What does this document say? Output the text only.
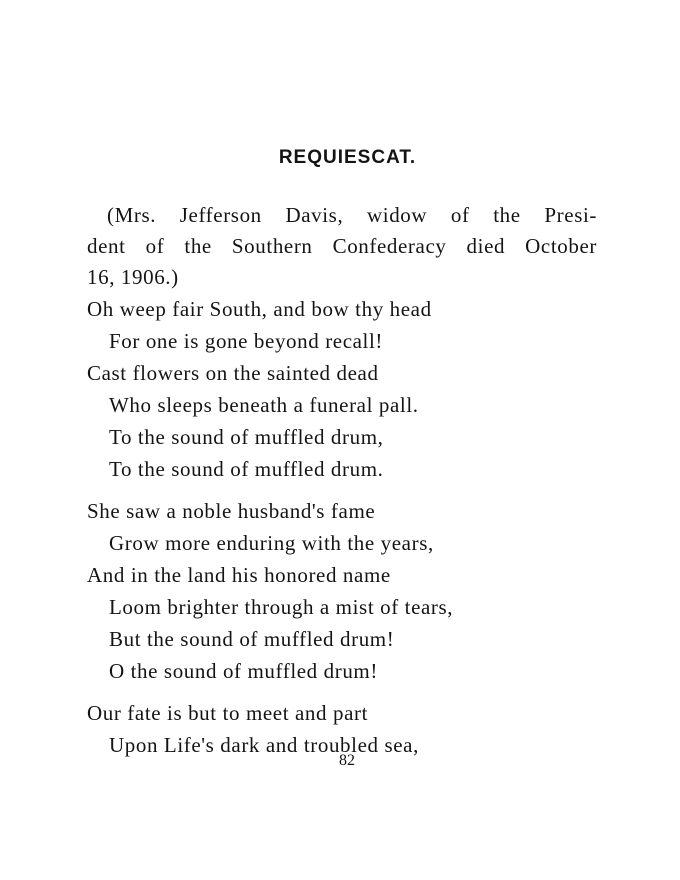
REQUIESCAT.
(Mrs. Jefferson Davis, widow of the Presi-
dent of the Southern Confederacy died October
16, 1906.)
Oh weep fair South, and bow thy head
For one is gone beyond recall!
Cast flowers on the sainted dead
Who sleeps beneath a funeral pall.
To the sound of muffled drum,
To the sound of muffled drum.
She saw a noble husband's fame
Grow more enduring with the years,
And in the land his honored name
Loom brighter through a mist of tears,
But the sound of muffled drum!
O the sound of muffled drum!
Our fate is but to meet and part
Upon Life's dark and troubled sea,
82
